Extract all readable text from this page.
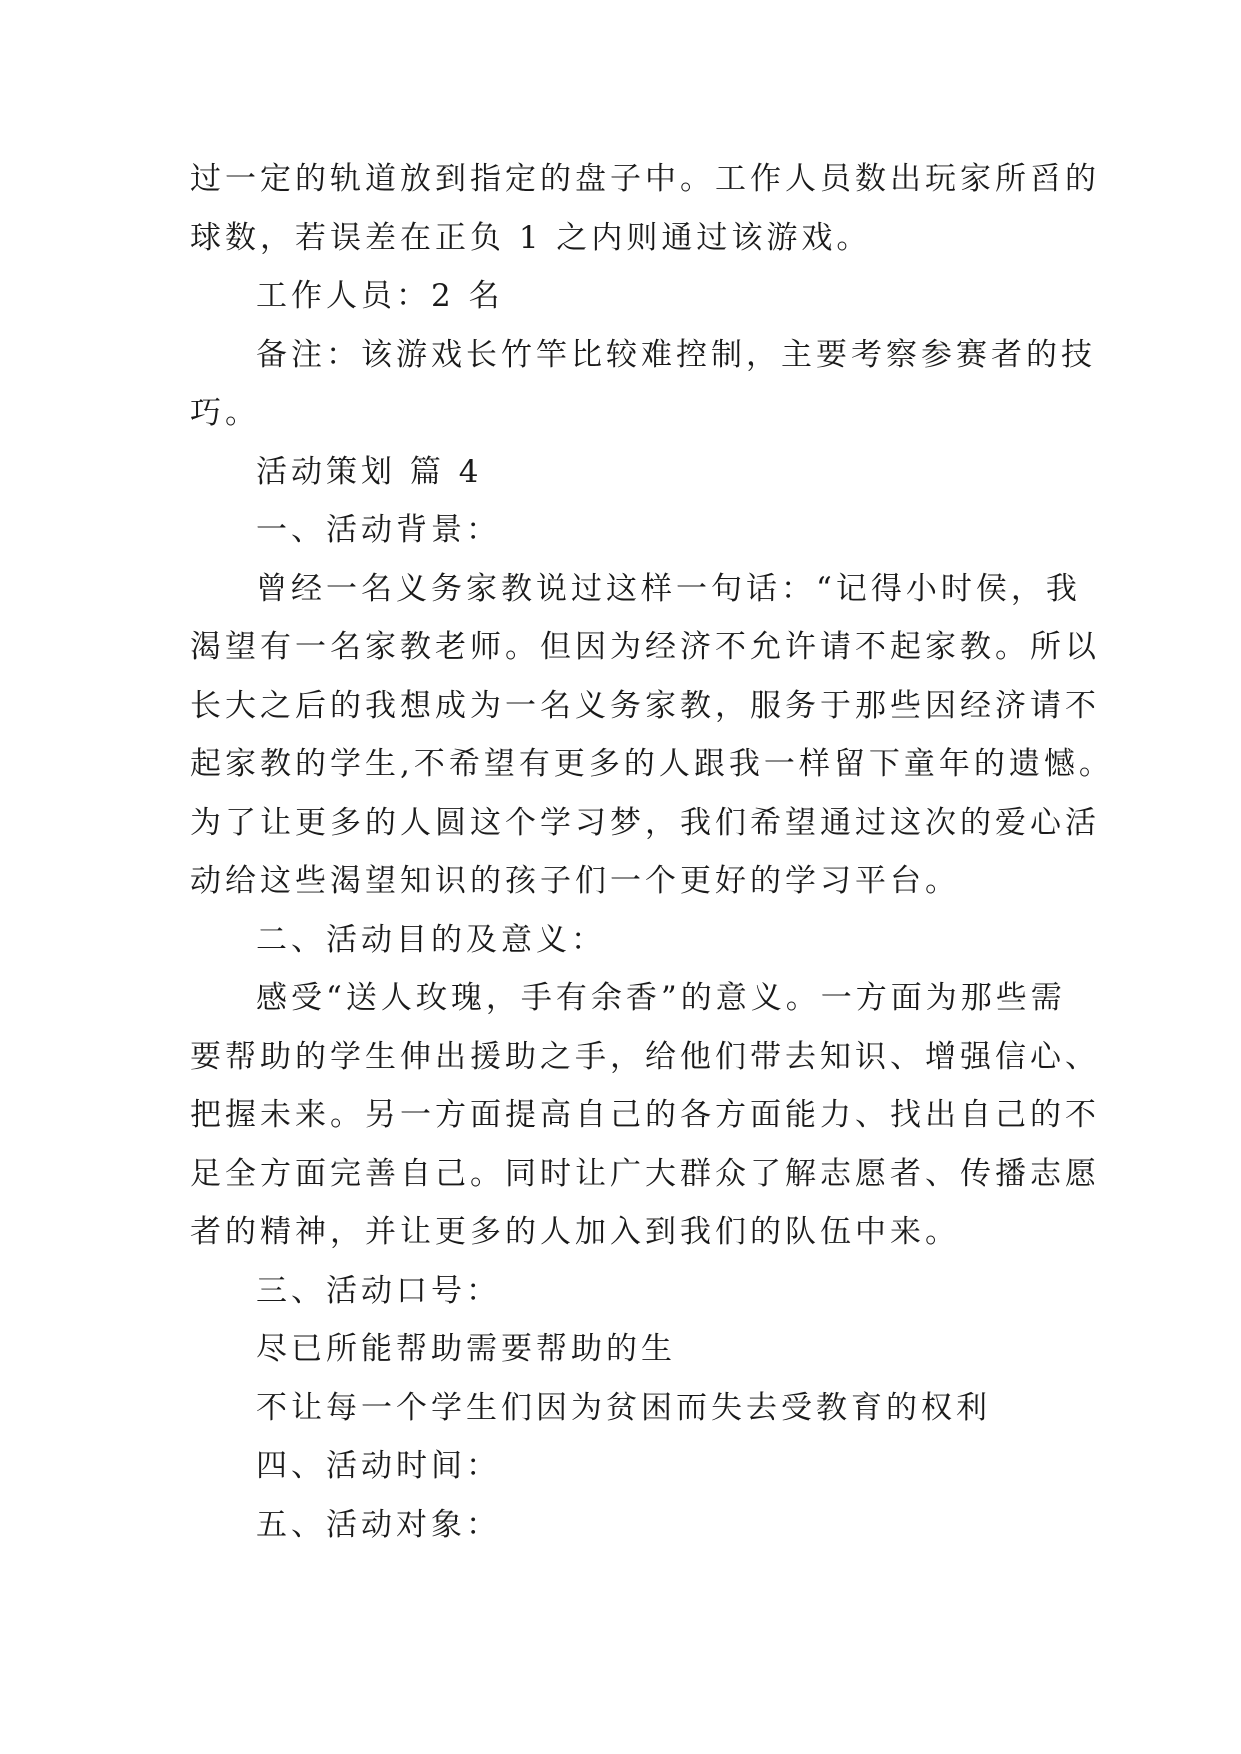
过一定的轨道放到指定的盘子中。工作人员数出玩家所舀的
球数，若误差在正负 1 之内则通过该游戏。
工作人员：2 名
备注：该游戏长竹竿比较难控制，主要考察参赛者的技
巧。
活动策划 篇 4
一、活动背景：
曾经一名义务家教说过这样一句话：“记得小时侯，我
渴望有一名家教老师。但因为经济不允许请不起家教。所以
长大之后的我想成为一名义务家教，服务于那些因经济请不
起家教的学生,不希望有更多的人跟我一样留下童年的遗憾。
为了让更多的人圆这个学习梦，我们希望通过这次的爱心活
动给这些渴望知识的孩子们一个更好的学习平台。
二、活动目的及意义：
感受“送人玫瑰，手有余香”的意义。一方面为那些需
要帮助的学生伸出援助之手，给他们带去知识、增强信心、
把握未来。另一方面提高自己的各方面能力、找出自己的不
足全方面完善自己。同时让广大群众了解志愿者、传播志愿
者的精神，并让更多的人加入到我们的队伍中来。
三、活动口号：
尽已所能帮助需要帮助的生
不让每一个学生们因为贫困而失去受教育的权利
四、活动时间：
五、活动对象：
